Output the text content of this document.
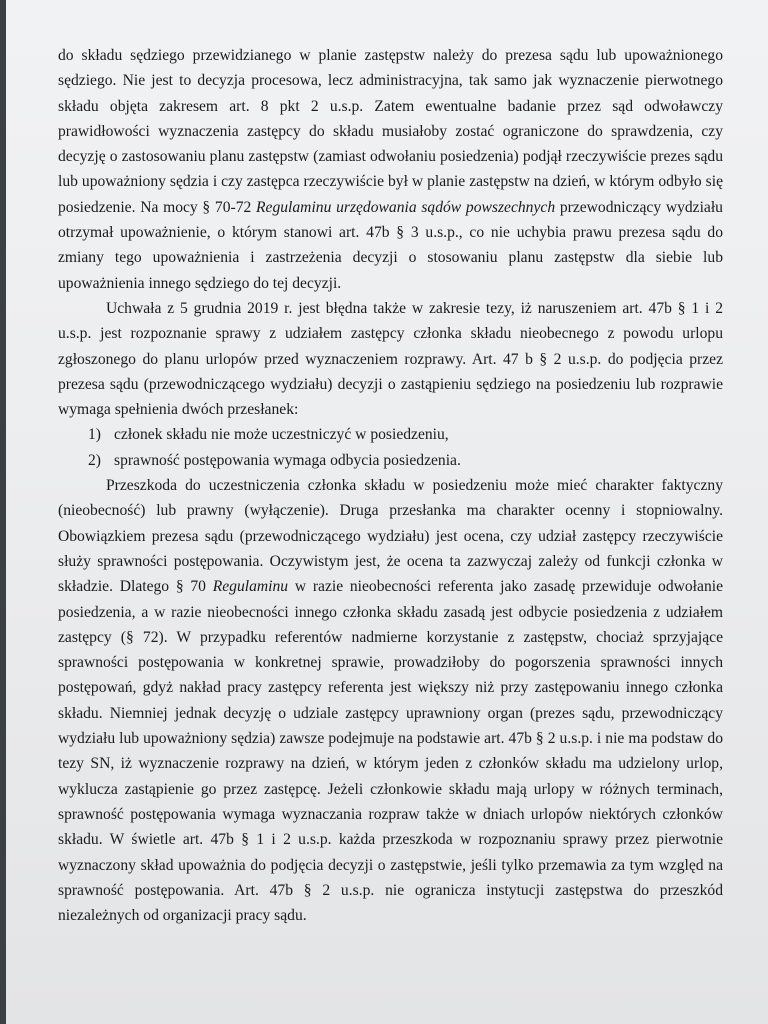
do składu sędziego przewidzianego w planie zastępstw należy do prezesa sądu lub upoważnionego sędziego. Nie jest to decyzja procesowa, lecz administracyjna, tak samo jak wyznaczenie pierwotnego składu objęta zakresem art. 8 pkt 2 u.s.p. Zatem ewentualne badanie przez sąd odwoławczy prawidłowości wyznaczenia zastępcy do składu musiałoby zostać ograniczone do sprawdzenia, czy decyzję o zastosowaniu planu zastępstw (zamiast odwołaniu posiedzenia) podjął rzeczywiście prezes sądu lub upoważniony sędzia i czy zastępca rzeczywiście był w planie zastępstw na dzień, w którym odbyło się posiedzenie. Na mocy § 70-72 Regulaminu urzędowania sądów powszechnych przewodniczący wydziału otrzymał upoważnienie, o którym stanowi art. 47b § 3 u.s.p., co nie uchybia prawu prezesa sądu do zmiany tego upoważnienia i zastrzeżenia decyzji o stosowaniu planu zastępstw dla siebie lub upoważnienia innego sędziego do tej decyzji.

Uchwała z 5 grudnia 2019 r. jest błędna także w zakresie tezy, iż naruszeniem art. 47b § 1 i 2 u.s.p. jest rozpoznanie sprawy z udziałem zastępcy członka składu nieobecnego z powodu urlopu zgłoszonego do planu urlopów przed wyznaczeniem rozprawy. Art. 47 b § 2 u.s.p. do podjęcia przez prezesa sądu (przewodniczącego wydziału) decyzji o zastąpieniu sędziego na posiedzeniu lub rozprawie wymaga spełnienia dwóch przesłanek:

1) członek składu nie może uczestniczyć w posiedzeniu,
2) sprawność postępowania wymaga odbycia posiedzenia.

Przeszkoda do uczestniczenia członka składu w posiedzeniu może mieć charakter faktyczny (nieobecność) lub prawny (wyłączenie). Druga przesłanka ma charakter ocenny i stopniowalny. Obowiązkiem prezesa sądu (przewodniczącego wydziału) jest ocena, czy udział zastępcy rzeczywiście służy sprawności postępowania. Oczywistym jest, że ocena ta zazwyczaj zależy od funkcji członka w składzie. Dlatego § 70 Regulaminu w razie nieobecności referenta jako zasadę przewiduje odwołanie posiedzenia, a w razie nieobecności innego członka składu zasadą jest odbycie posiedzenia z udziałem zastępcy (§ 72). W przypadku referentów nadmierne korzystanie z zastępstw, chociaż sprzyjające sprawności postępowania w konkretnej sprawie, prowadziłoby do pogorszenia sprawności innych postępowań, gdyż nakład pracy zastępcy referenta jest większy niż przy zastępowaniu innego członka składu. Niemniej jednak decyzję o udziale zastępcy uprawniony organ (prezes sądu, przewodniczący wydziału lub upoważniony sędzia) zawsze podejmuje na podstawie art. 47b § 2 u.s.p. i nie ma podstaw do tezy SN, iż wyznaczenie rozprawy na dzień, w którym jeden z członków składu ma udzielony urlop, wyklucza zastąpienie go przez zastępcę. Jeżeli członkowie składu mają urlopy w różnych terminach, sprawność postępowania wymaga wyznaczania rozpraw także w dniach urlopów niektórych członków składu. W świetle art. 47b § 1 i 2 u.s.p. każda przeszkoda w rozpoznaniu sprawy przez pierwotnie wyznaczony skład upoważnia do podjęcia decyzji o zastępstwie, jeśli tylko przemawia za tym względ na sprawność postępowania. Art. 47b § 2 u.s.p. nie ogranicza instytucji zastępstwa do przeszkód niezależnych od organizacji pracy sądu.
